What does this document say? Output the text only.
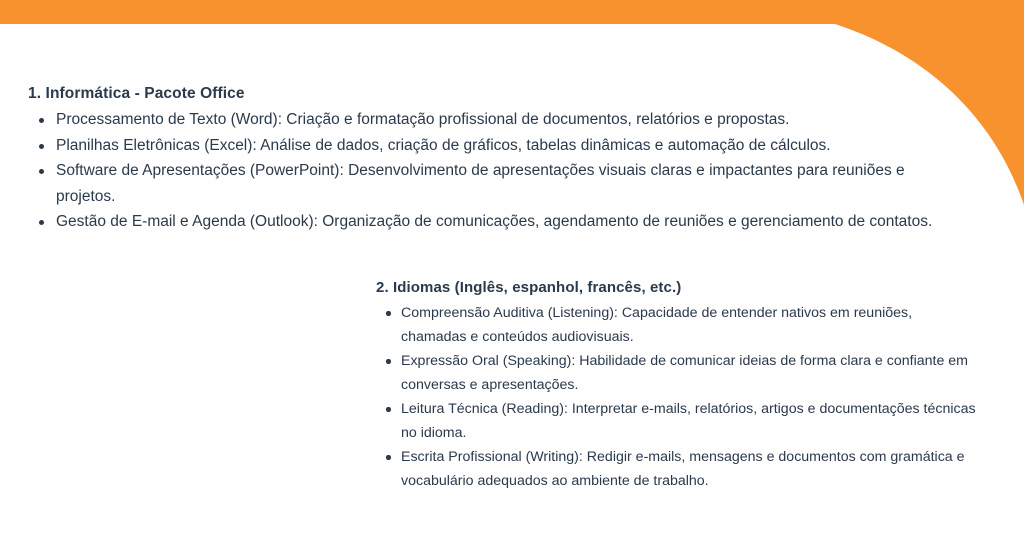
1. Informática - Pacote Office
Processamento de Texto (Word): Criação e formatação profissional de documentos, relatórios e propostas.
Planilhas Eletrônicas (Excel): Análise de dados, criação de gráficos, tabelas dinâmicas e automação de cálculos.
Software de Apresentações (PowerPoint): Desenvolvimento de apresentações visuais claras e impactantes para reuniões e projetos.
Gestão de E-mail e Agenda (Outlook): Organização de comunicações, agendamento de reuniões e gerenciamento de contatos.
2. Idiomas (Inglês, espanhol, francês, etc.)
Compreensão Auditiva (Listening): Capacidade de entender nativos em reuniões, chamadas e conteúdos audiovisuais.
Expressão Oral (Speaking): Habilidade de comunicar ideias de forma clara e confiante em conversas e apresentações.
Leitura Técnica (Reading): Interpretar e-mails, relatórios, artigos e documentações técnicas no idioma.
Escrita Profissional (Writing): Redigir e-mails, mensagens e documentos com gramática e vocabulário adequados ao ambiente de trabalho.
